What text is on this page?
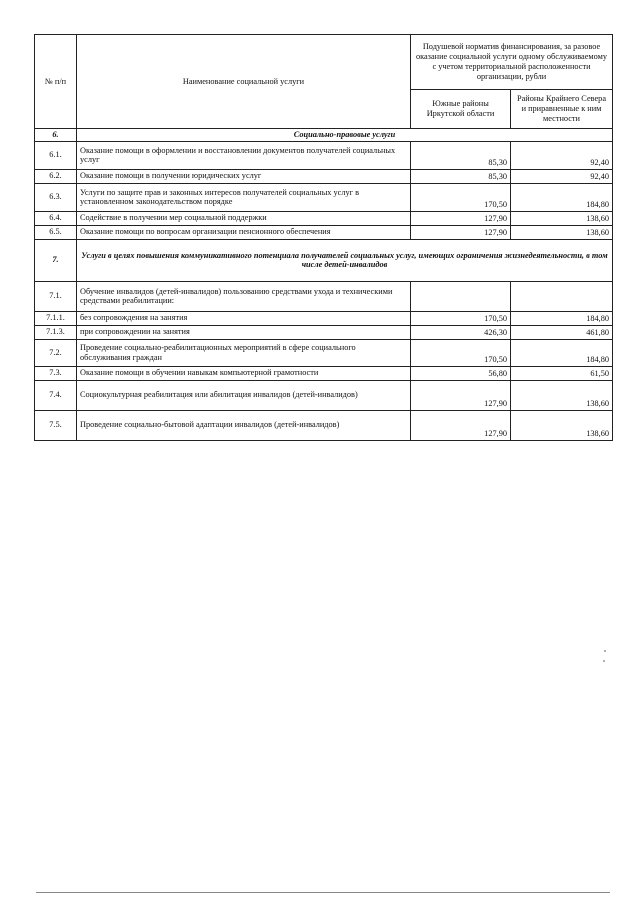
№ п/п	Наименование социальной услуги	Подушевой норматив финансирования, за разовое оказание социальной услуги одному обслуживаемому с учетом территориальной расположенности организации, рубли	
		Южные районы Иркутской области	Районы Крайнего Севера и приравненные к ним местности
6.	Социально-правовые услуги		
6.1.	Оказание помощи в оформлении и восстановлении документов получателей социальных услуг	85,30	92,40
6.2.	Оказание помощи в получении юридических услуг	85,30	92,40
6.3.	Услуги по защите прав и законных интересов получателей социальных услуг в установленном законодательством порядке	170,50	184,80
6.4.	Содействие в получении мер социальной поддержки	127,90	138,60
6.5.	Оказание помощи по вопросам организации пенсионного обеспечения	127,90	138,60
7.	Услуги в целях повышения коммуникативного потенциала получателей социальных услуг, имеющих ограничения жизнедеятельности, в том числе детей-инвалидов		
7.1.	Обучение инвалидов (детей-инвалидов) пользованию средствами ухода и техническими средствами реабилитации:		
7.1.1.	без сопровождения на занятия	170,50	184,80
7.1.3.	при сопровождении на занятия	426,30	461,80
7.2.	Проведение социально-реабилитационных мероприятий в сфере социального обслуживания граждан	170,50	184,80
7.3.	Оказание помощи в обучении навыкам компьютерной грамотности	56,80	61,50
7.4.	Социокультурная реабилитация или абилитация инвалидов (детей-инвалидов)	127,90	138,60
7.5.	Проведение социально-бытовой адаптации инвалидов (детей-инвалидов)	127,90	138,60
